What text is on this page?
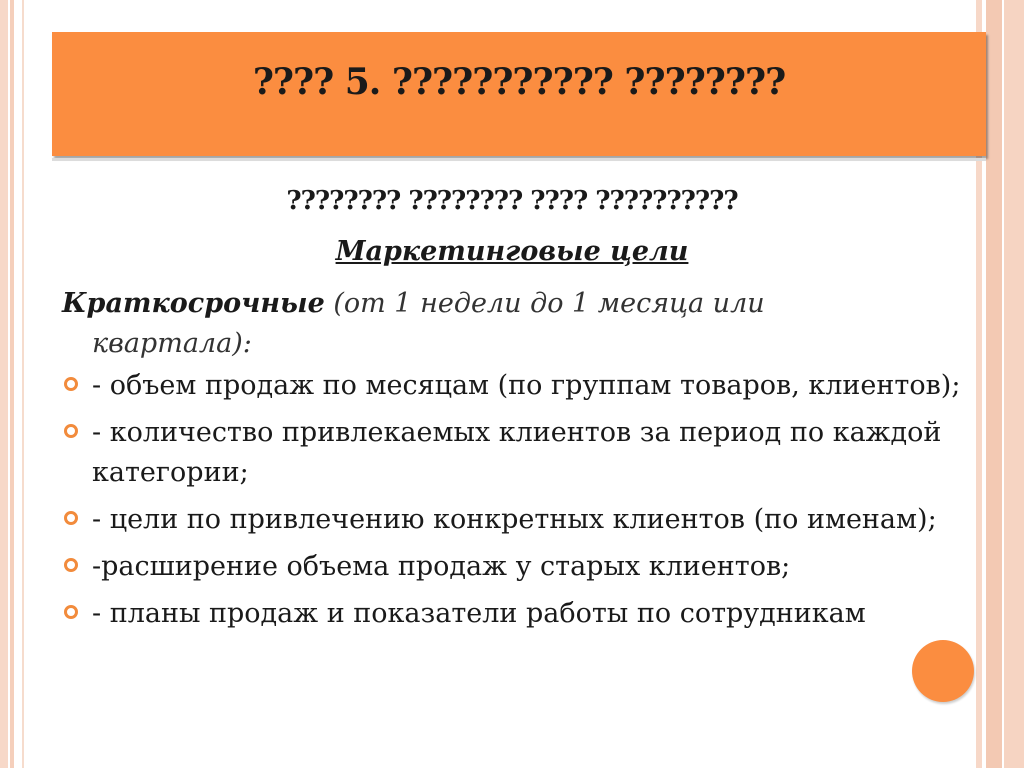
???? 5. ??????????? ????????
???????? ???????? ???? ??????????
Маркетинговые цели
Краткосрочные (от 1 недели до 1 месяца или
квартала):
- объем продаж по месяцам (по группам товаров, клиентов);
- количество привлекаемых клиентов за период по каждой категории;
- цели по привлечению конкретных клиентов (по именам);
-расширение объема продаж у старых клиентов;
- планы продаж и показатели работы по сотрудникам
